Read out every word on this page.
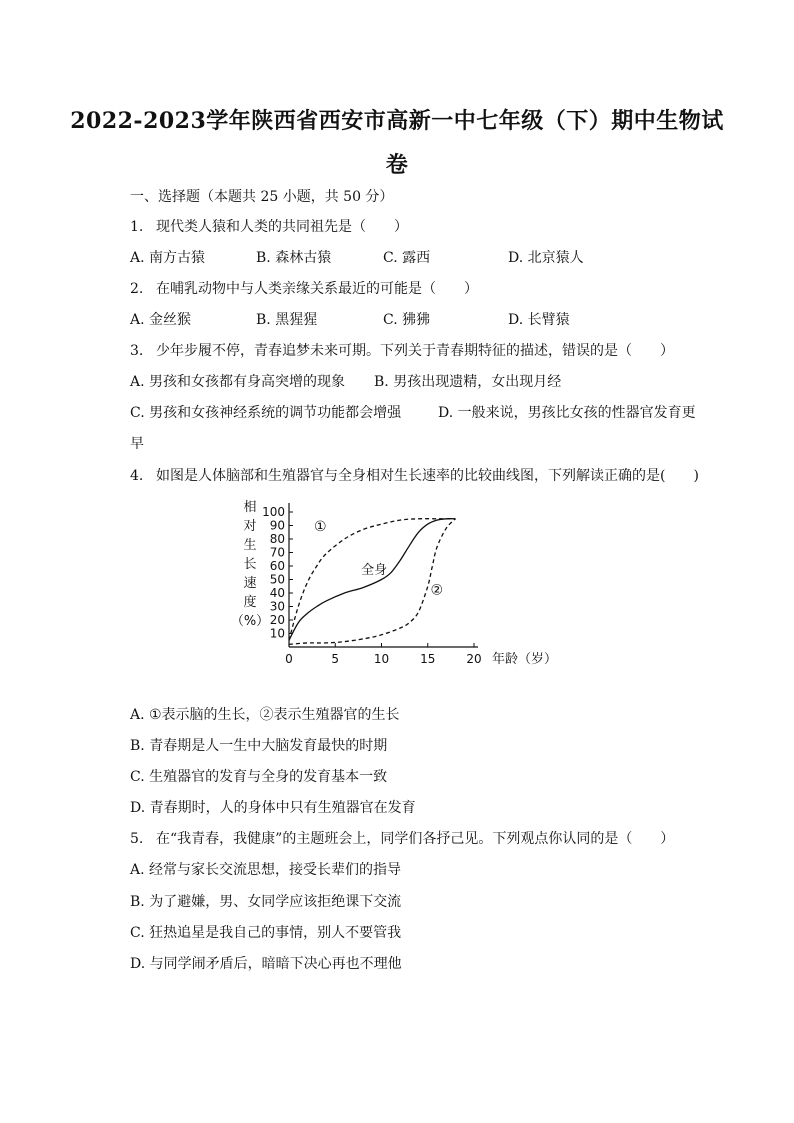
2022-2023学年陕西省西安市高新一中七年级（下）期中生物试
卷
一、选择题（本题共 25 小题，共 50 分）
1. 现代类人猿和人类的共同祖先是（　　）
A. 南方古猿	B. 森林古猿	C. 露西	D. 北京猿人
2. 在哺乳动物中与人类亲缘关系最近的可能是（　　）
A. 金丝猴	B. 黑猩猩	C. 狒狒	D. 长臂猿
3. 少年步履不停，青春追梦未来可期。下列关于青春期特征的描述，错误的是（　　）
A. 男孩和女孩都有身高突增的现象 B. 男孩出现遗精，女出现月经
C. 男孩和女孩神经系统的调节功能都会增强	D. 一般来说，男孩比女孩的性器官发育更
早
4. 如图是人体脑部和生殖器官与全身相对生长速率的比较曲线图，下列解读正确的是(　　)
相
对
生
长
速
度
（%）
0	5	10	15	20
10
20
30
40
50
60
70
80
90
100
①
全身
②
年龄（岁）
A. ①表示脑的生长，②表示生殖器官的生长
B. 青春期是人一生中大脑发育最快的时期
C. 生殖器官的发育与全身的发育基本一致
D. 青春期时，人的身体中只有生殖器官在发育
5. 在“我青春，我健康”的主题班会上，同学们各抒己见。下列观点你认同的是（　　）
A. 经常与家长交流思想，接受长辈们的指导
B. 为了避嫌，男、女同学应该拒绝课下交流
C. 狂热追星是我自己的事情，别人不要管我
D. 与同学闹矛盾后，暗暗下决心再也不理他
